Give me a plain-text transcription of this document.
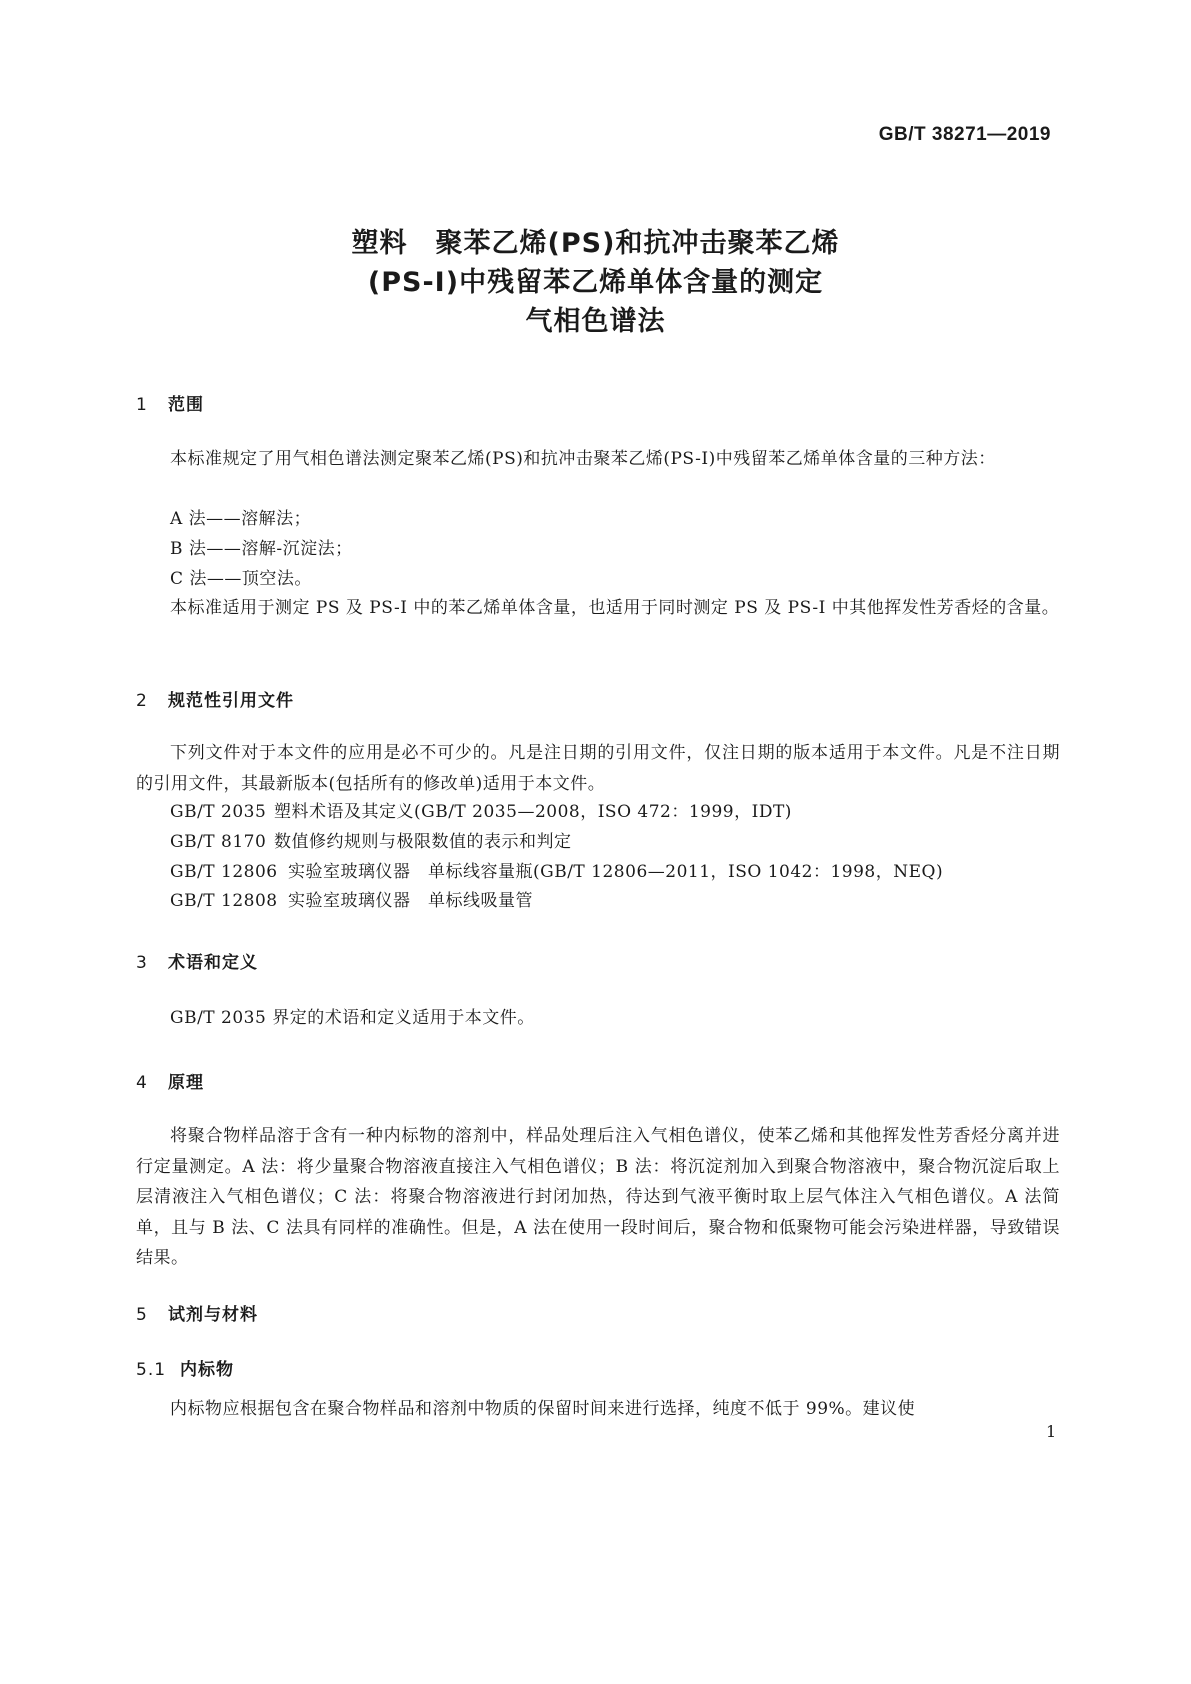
GB/T 38271—2019
塑料　聚苯乙烯(PS)和抗冲击聚苯乙烯
(PS-I)中残留苯乙烯单体含量的测定
气相色谱法
1 范围

本标准规定了用气相色谱法测定聚苯乙烯(PS)和抗冲击聚苯乙烯(PS-I)中残留苯乙烯单体含量的三种方法：

A 法——溶解法；

B 法——溶解-沉淀法；

C 法——顶空法。

本标准适用于测定 PS 及 PS-I 中的苯乙烯单体含量，也适用于同时测定 PS 及 PS-I 中其他挥发性芳香烃的含量。

2 规范性引用文件

下列文件对于本文件的应用是必不可少的。凡是注日期的引用文件，仅注日期的版本适用于本文件。凡是不注日期的引用文件，其最新版本(包括所有的修改单)适用于本文件。

GB/T 2035 塑料术语及其定义(GB/T 2035—2008，ISO 472：1999，IDT)

GB/T 8170 数值修约规则与极限数值的表示和判定

GB/T 12806 实验室玻璃仪器　单标线容量瓶(GB/T 12806—2011，ISO 1042：1998，NEQ)

GB/T 12808 实验室玻璃仪器　单标线吸量管

3 术语和定义

GB/T 2035 界定的术语和定义适用于本文件。

4 原理

将聚合物样品溶于含有一种内标物的溶剂中，样品处理后注入气相色谱仪，使苯乙烯和其他挥发性芳香烃分离并进行定量测定。A 法：将少量聚合物溶液直接注入气相色谱仪；B 法：将沉淀剂加入到聚合物溶液中，聚合物沉淀后取上层清液注入气相色谱仪；C 法：将聚合物溶液进行封闭加热，待达到气液平衡时取上层气体注入气相色谱仪。A 法简单，且与 B 法、C 法具有同样的准确性。但是，A 法在使用一段时间后，聚合物和低聚物可能会污染进样器，导致错误结果。

5 试剂与材料
5.1 内标物

内标物应根据包含在聚合物样品和溶剂中物质的保留时间来进行选择，纯度不低于 99%。建议使

1
